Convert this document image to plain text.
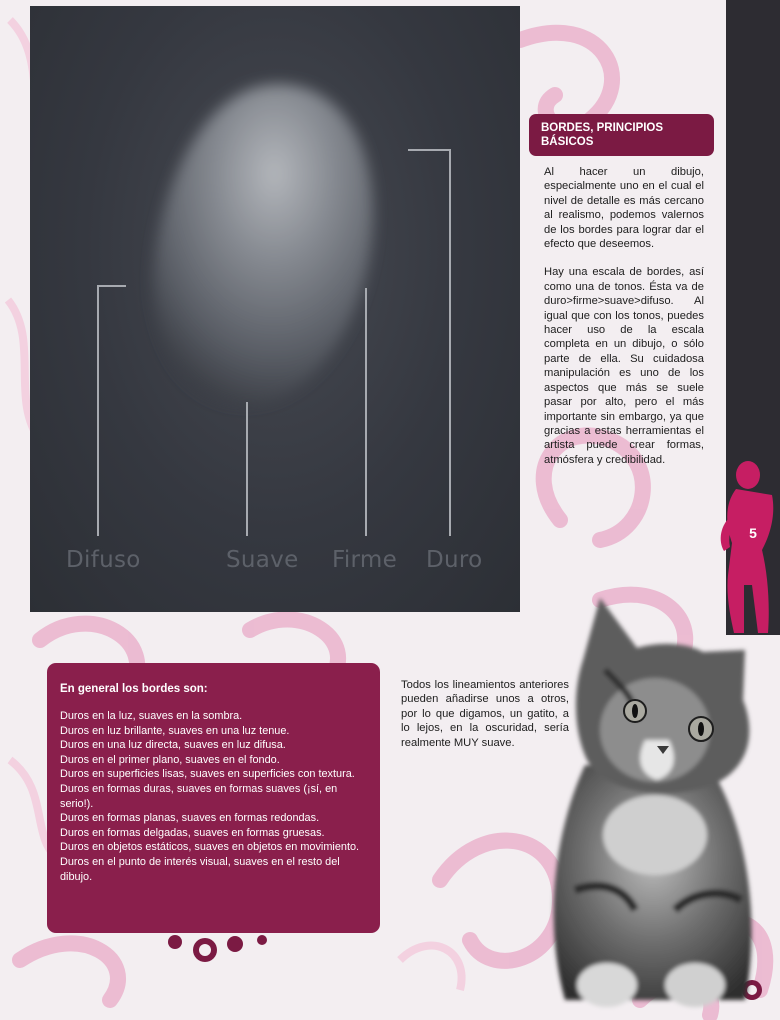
5
Difuso	Suave Firme Duro
BORDES, PRINCIPIOS BÁSICOS

Al hacer un dibujo, especialmente uno en el cual el nivel de detalle es más cercano al realismo, podemos valernos de los bordes para lograr dar el efecto que deseemos.

Hay una escala de bordes, así como una de tonos. Ésta va de duro>firme>suave>difuso. Al igual que con los tonos, puedes hacer uso de la escala completa en un dibujo, o sólo parte de ella. Su cuidadosa manipulación es uno de los aspectos que más se suele pasar por alto, pero el más importante sin embargo, ya que gracias a estas herramientas el artista puede crear formas, atmósfera y credibilidad.

En general los bordes son:
Duros en la luz, suaves en la sombra.
Duros en luz brillante, suaves en una luz tenue.
Duros en una luz directa, suaves en luz difusa.
Duros en el primer plano, suaves en el fondo.
Duros en superficies lisas, suaves en superficies con textura.
Duros en formas duras, suaves en formas suaves (¡sí, en serio!).
Duros en formas planas, suaves en formas redondas.
Duros en formas delgadas, suaves en formas gruesas.
Duros en objetos estáticos, suaves en objetos en movimiento.
Duros en el punto de interés visual, suaves en el resto del dibujo.
Todos los lineamientos anteriores pueden añadirse unos a otros, por lo que digamos, un gatito, a lo lejos, en la oscuridad, sería realmente MUY suave.
